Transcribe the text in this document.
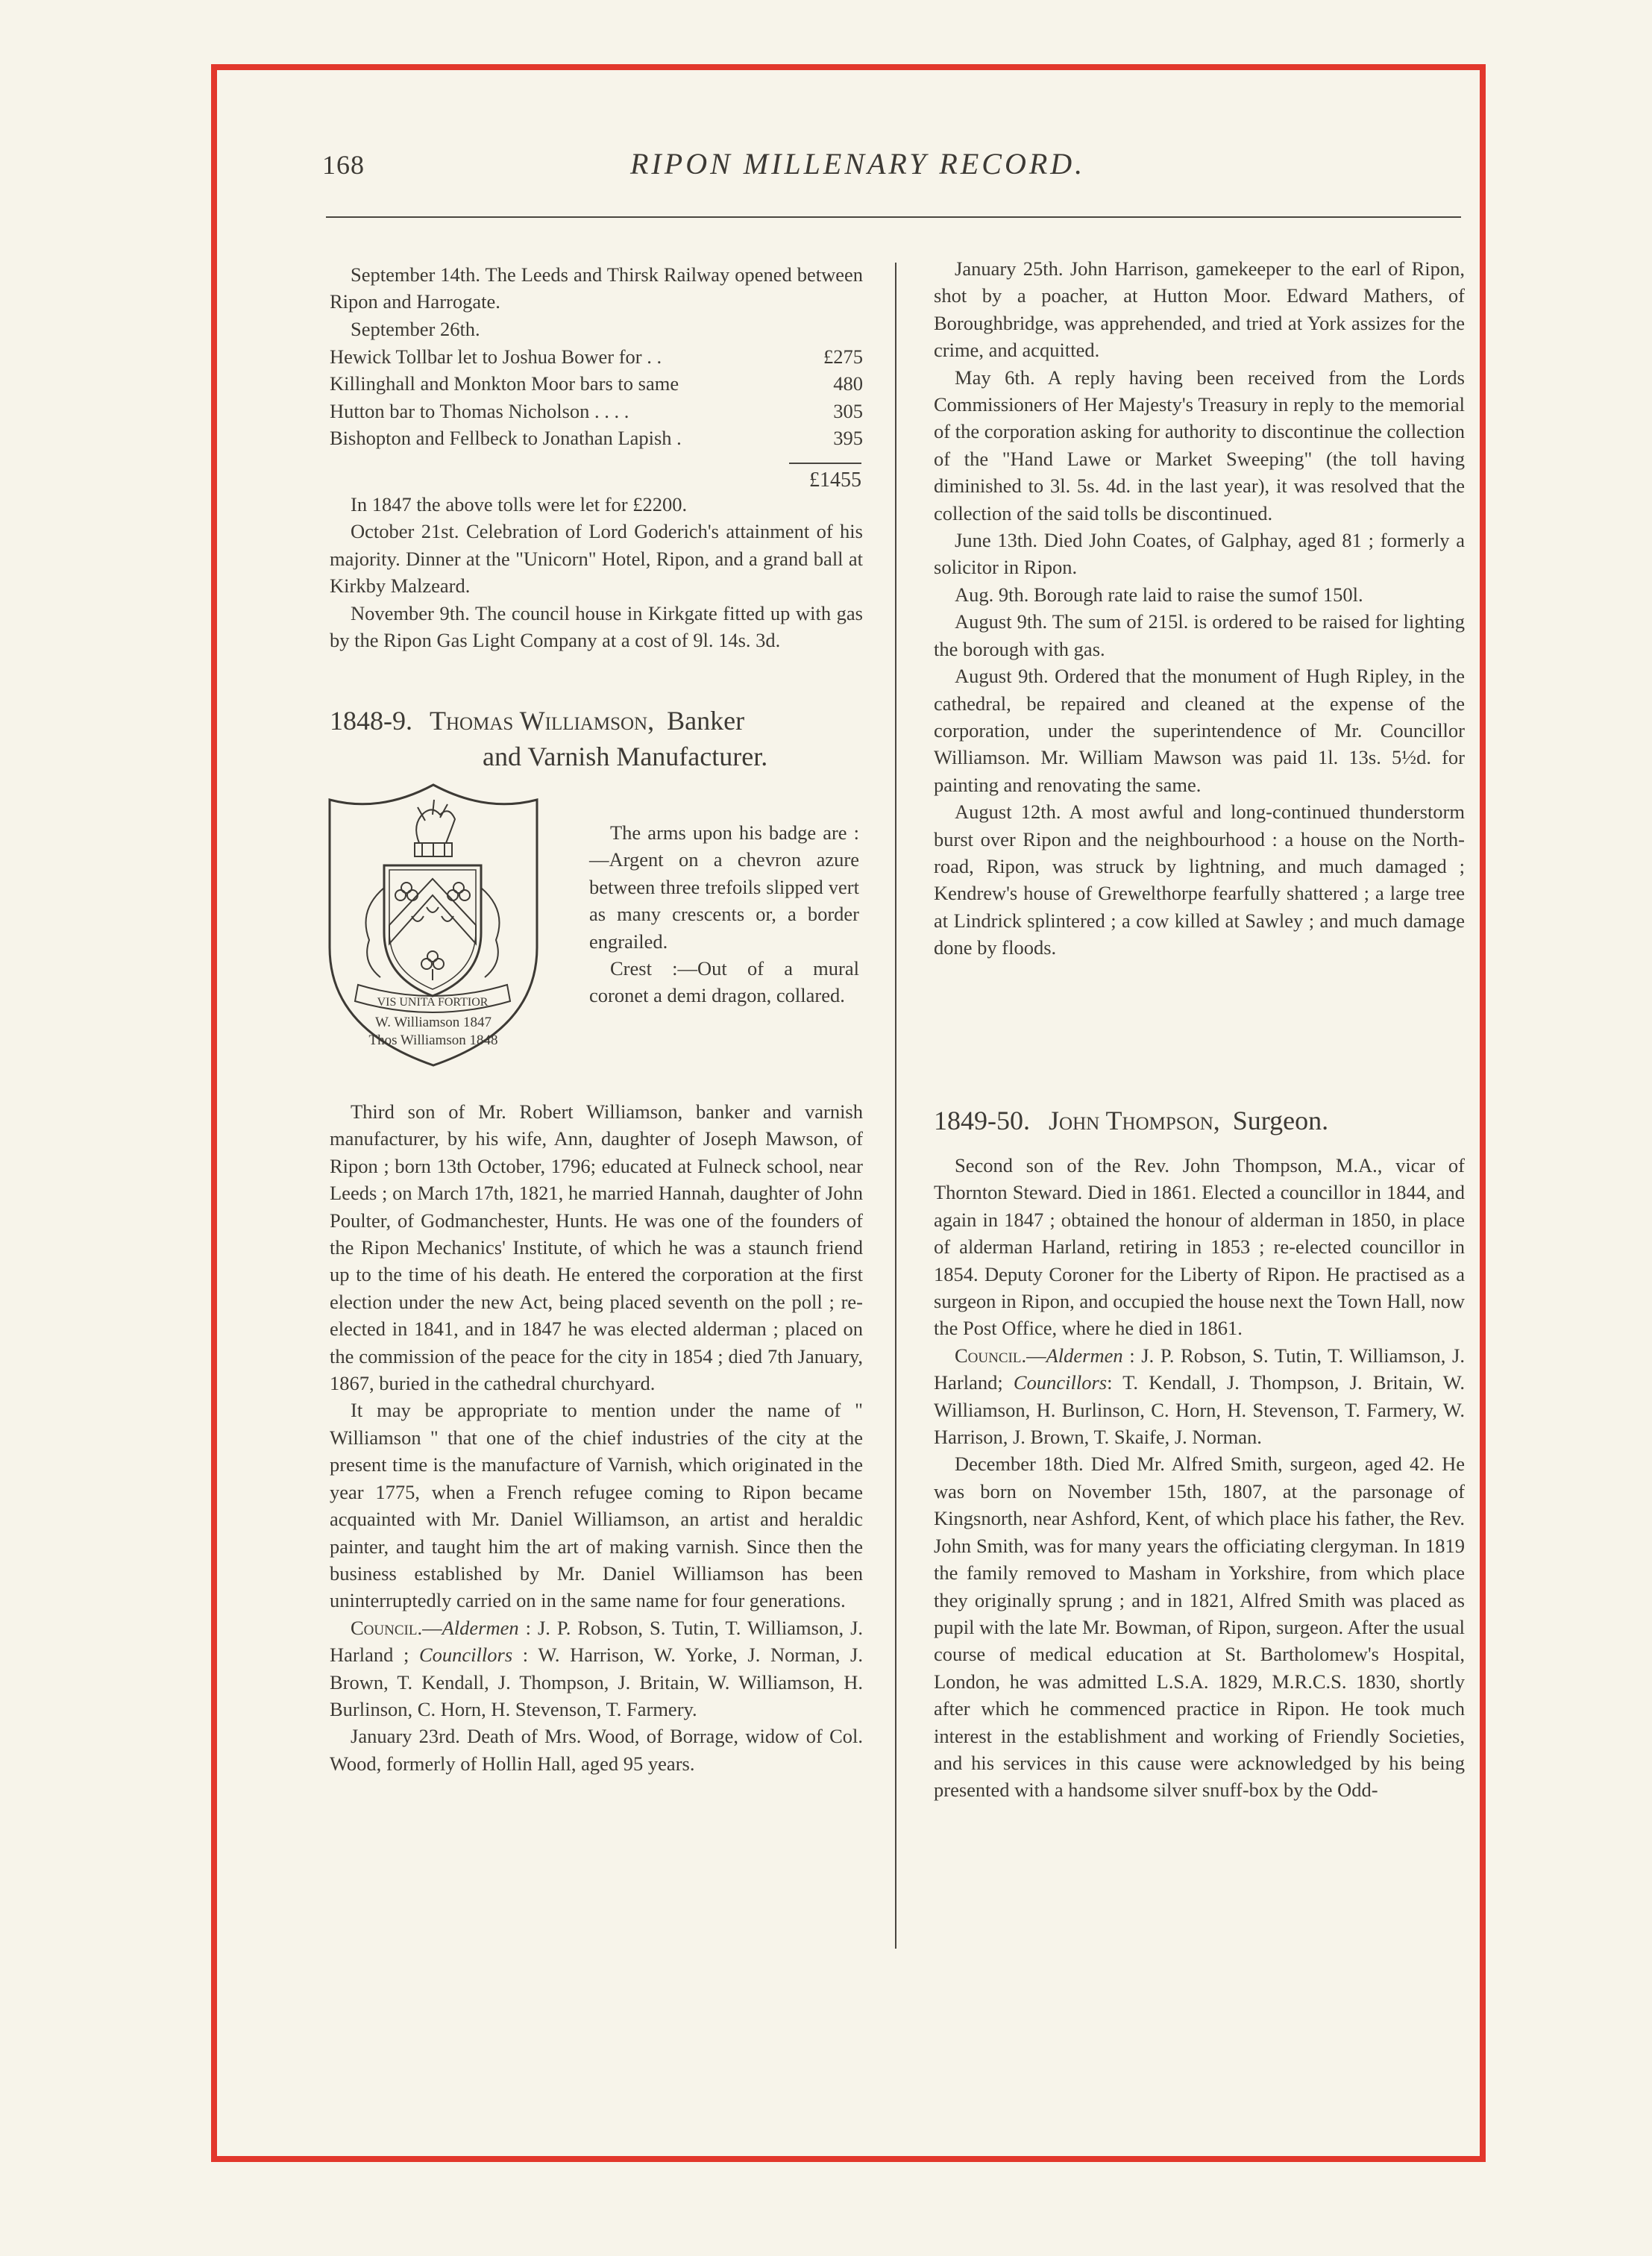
168	RIPON MILLENARY RECORD.

September 14th. The Leeds and Thirsk Railway opened between Ripon and Harrogate.

September 26th.

Hewick Tollbar let to Joshua Bower for . .	£275
Killinghall and Monkton Moor bars to same	480
Hutton bar to Thomas Nicholson . . . .	305
Bishopton and Fellbeck to Jonathan Lapish .	395
£1455

In 1847 the above tolls were let for £2200.

October 21st. Celebration of Lord Goderich's attainment of his majority. Dinner at the "Unicorn" Hotel, Ripon, and a grand ball at Kirkby Malzeard.

November 9th. The council house in Kirkgate fitted up with gas by the Ripon Gas Light Company at a cost of 9l. 14s. 3d.

1848-9. Thomas Williamson, Banker
and Varnish Manufacturer.
VIS UNITA FORTIOR
W. Williamson 1847
Thos Williamson 1848

The arms upon his badge are :—Argent on a chevron azure between three trefoils slipped vert as many crescents or, a border engrailed.

Crest :—Out of a mural coronet a demi dragon, collared.

Third son of Mr. Robert Williamson, banker and varnish manufacturer, by his wife, Ann, daughter of Joseph Mawson, of Ripon ; born 13th October, 1796; educated at Fulneck school, near Leeds ; on March 17th, 1821, he married Hannah, daughter of John Poulter, of Godmanchester, Hunts. He was one of the founders of the Ripon Mechanics' Institute, of which he was a staunch friend up to the time of his death. He entered the corporation at the first election under the new Act, being placed seventh on the poll ; re-elected in 1841, and in 1847 he was elected alderman ; placed on the commission of the peace for the city in 1854 ; died 7th January, 1867, buried in the cathedral churchyard.

It may be appropriate to mention under the name of " Williamson " that one of the chief industries of the city at the present time is the manufacture of Varnish, which originated in the year 1775, when a French refugee coming to Ripon became acquainted with Mr. Daniel Williamson, an artist and heraldic painter, and taught him the art of making varnish. Since then the business established by Mr. Daniel Williamson has been uninterruptedly carried on in the same name for four generations.

Council.—Aldermen : J. P. Robson, S. Tutin, T. Williamson, J. Harland ; Councillors : W. Harrison, W. Yorke, J. Norman, J. Brown, T. Kendall, J. Thompson, J. Britain, W. Williamson, H. Burlinson, C. Horn, H. Stevenson, T. Farmery.

January 23rd. Death of Mrs. Wood, of Borrage, widow of Col. Wood, formerly of Hollin Hall, aged 95 years.

January 25th. John Harrison, gamekeeper to the earl of Ripon, shot by a poacher, at Hutton Moor. Edward Mathers, of Boroughbridge, was apprehended, and tried at York assizes for the crime, and acquitted.

May 6th. A reply having been received from the Lords Commissioners of Her Majesty's Treasury in reply to the memorial of the corporation asking for authority to discontinue the collection of the "Hand Lawe or Market Sweeping" (the toll having diminished to 3l. 5s. 4d. in the last year), it was resolved that the collection of the said tolls be discontinued.

June 13th. Died John Coates, of Galphay, aged 81 ; formerly a solicitor in Ripon.

Aug. 9th. Borough rate laid to raise the sumof 150l.

August 9th. The sum of 215l. is ordered to be raised for lighting the borough with gas.

August 9th. Ordered that the monument of Hugh Ripley, in the cathedral, be repaired and cleaned at the expense of the corporation, under the superintendence of Mr. Councillor Williamson. Mr. William Mawson was paid 1l. 13s. 5½d. for painting and renovating the same.

August 12th. A most awful and long-continued thunderstorm burst over Ripon and the neighbourhood : a house on the North-road, Ripon, was struck by lightning, and much damaged ; Kendrew's house of Grewelthorpe fearfully shattered ; a large tree at Lindrick splintered ; a cow killed at Sawley ; and much damage done by floods.

1849-50. John Thompson, Surgeon.

Second son of the Rev. John Thompson, M.A., vicar of Thornton Steward. Died in 1861. Elected a councillor in 1844, and again in 1847 ; obtained the honour of alderman in 1850, in place of alderman Harland, retiring in 1853 ; re-elected councillor in 1854. Deputy Coroner for the Liberty of Ripon. He practised as a surgeon in Ripon, and occupied the house next the Town Hall, now the Post Office, where he died in 1861.

Council.—Aldermen : J. P. Robson, S. Tutin, T. Williamson, J. Harland; Councillors: T. Kendall, J. Thompson, J. Britain, W. Williamson, H. Burlinson, C. Horn, H. Stevenson, T. Farmery, W. Harrison, J. Brown, T. Skaife, J. Norman.

December 18th. Died Mr. Alfred Smith, surgeon, aged 42. He was born on November 15th, 1807, at the parsonage of Kingsnorth, near Ashford, Kent, of which place his father, the Rev. John Smith, was for many years the officiating clergyman. In 1819 the family removed to Masham in Yorkshire, from which place they originally sprung ; and in 1821, Alfred Smith was placed as pupil with the late Mr. Bowman, of Ripon, surgeon. After the usual course of medical education at St. Bartholomew's Hospital, London, he was admitted L.S.A. 1829, M.R.C.S. 1830, shortly after which he commenced practice in Ripon. He took much interest in the establishment and working of Friendly Societies, and his services in this cause were acknowledged by his being presented with a handsome silver snuff-box by the Odd-
